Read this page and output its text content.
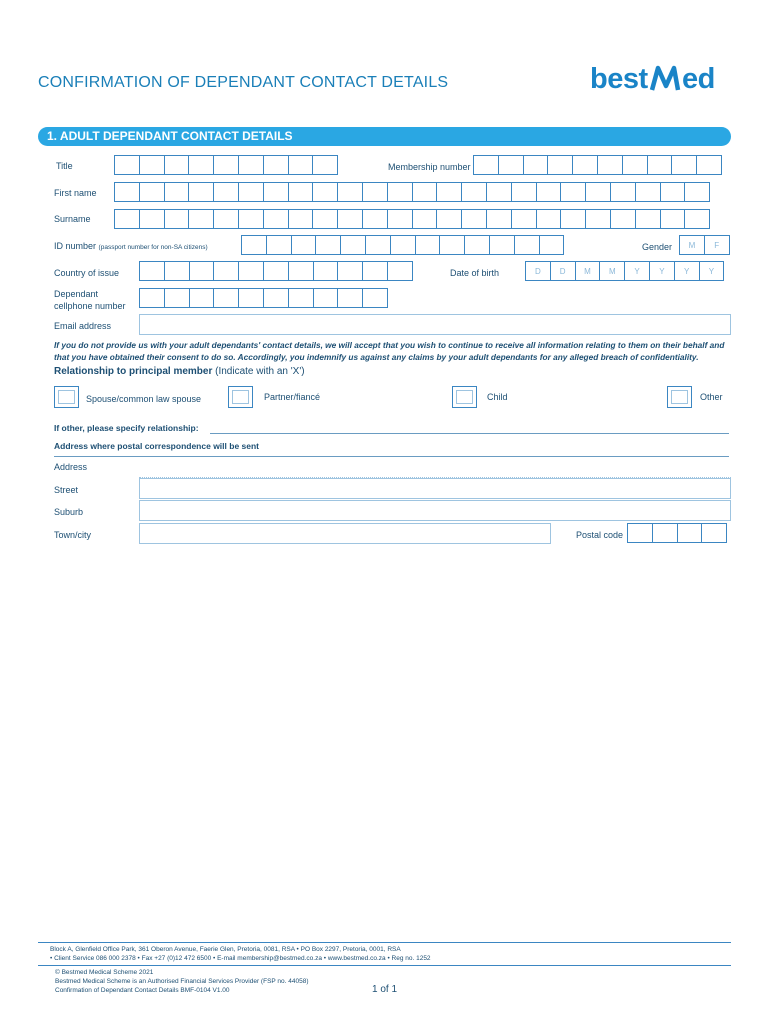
CONFIRMATION OF DEPENDANT CONTACT DETAILS	best ed
1. ADULT DEPENDANT CONTACT DETAILS
Title	Membership number
First name
Surname
ID number (passport number for non-SA citizens)	Gender	M	F
Country of issue	Date of birth	D	D	M	M	Y	Y	Y	Y
Dependant
cellphone number
Email address
If you do not provide us with your adult dependants' contact details, we will accept that you wish to continue to receive all information relating to them on their behalf and that you have obtained their consent to do so. Accordingly, you indemnify us against any claims by your adult dependants for any alleged breach of confidentiality.
Relationship to principal member (Indicate with an 'X')
Spouse/common law spouse	Partner/fiancé	Child	Other
If other, please specify relationship:
Address where postal correspondence will be sent
Address
Street
Suburb
Town/city	Postal code
Block A, Glenfield Office Park, 361 Oberon Avenue, Faerie Glen, Pretoria, 0081, RSA • PO Box 2297, Pretoria, 0001, RSA
• Client Service 086 000 2378 • Fax +27 (0)12 472 6500 • E-mail membership@bestmed.co.za • www.bestmed.co.za • Reg no. 1252
© Bestmed Medical Scheme 2021
Bestmed Medical Scheme is an Authorised Financial Services Provider (FSP no. 44058)
Confirmation of Dependant Contact Details BMF-0104 V1.00	1 of 1
